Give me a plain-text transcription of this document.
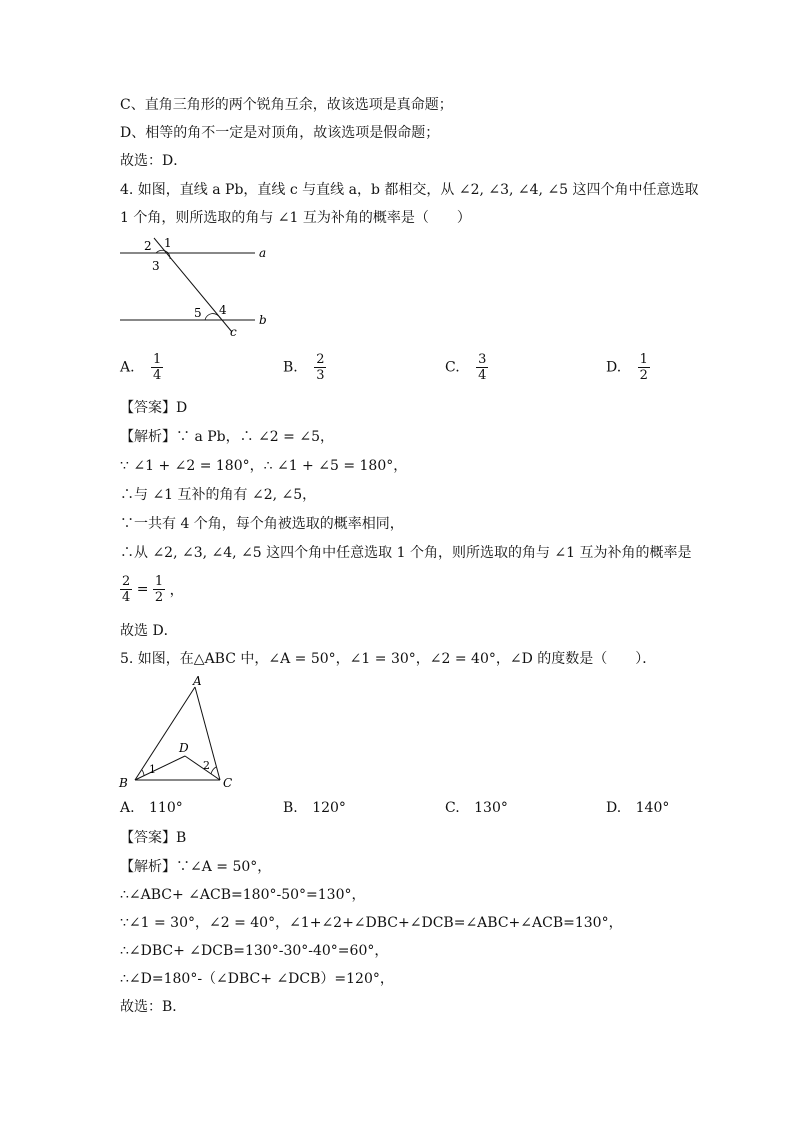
C、直角三角形的两个锐角互余，故该选项是真命题；
D、相等的角不一定是对顶角，故该选项是假命题；
故选：D．
4. 如图，直线 a Pb，直线 c 与直线 a，b 都相交，从 ∠2, ∠3, ∠4, ∠5 这四个角中任意选取
1 个角，则所选取的角与 ∠1 互为补角的概率是（　　）
2 1
3
a
5 4
b
c
A. $\frac{1}{4}$	B. $\frac{2}{3}$	C. $\frac{3}{4}$	D. $\frac{1}{2}$
【答案】D
【解析】∵ a Pb，∴ ∠2 = ∠5，
∵ ∠1 + ∠2 = 180°，∴ ∠1 + ∠5 = 180°，
∴与 ∠1 互补的角有 ∠2, ∠5，
∵一共有 4 个角，每个角被选取的概率相同，
∴从 ∠2, ∠3, ∠4, ∠5 这四个角中任意选取 1 个角，则所选取的角与 ∠1 互为补角的概率是
$\frac{2}{4} = \frac{1}{2}$ ，
故选 D．
5. 如图，在△ABC 中，∠A = 50°，∠1 = 30°，∠2 = 40°，∠D 的度数是（　　）．
A
D
1	2
B	C
A. 110°	B. 120°	C. 130°	D. 140°
【答案】B
【解析】∵∠A = 50°，
∴∠ABC+ ∠ACB=180°-50°=130°，
∵∠1 = 30°，∠2 = 40°，∠1+∠2+∠DBC+∠DCB=∠ABC+∠ACB=130°，
∴∠DBC+ ∠DCB=130°-30°-40°=60°，
∴∠D=180°-（∠DBC+ ∠DCB）=120°，
故选：B．
